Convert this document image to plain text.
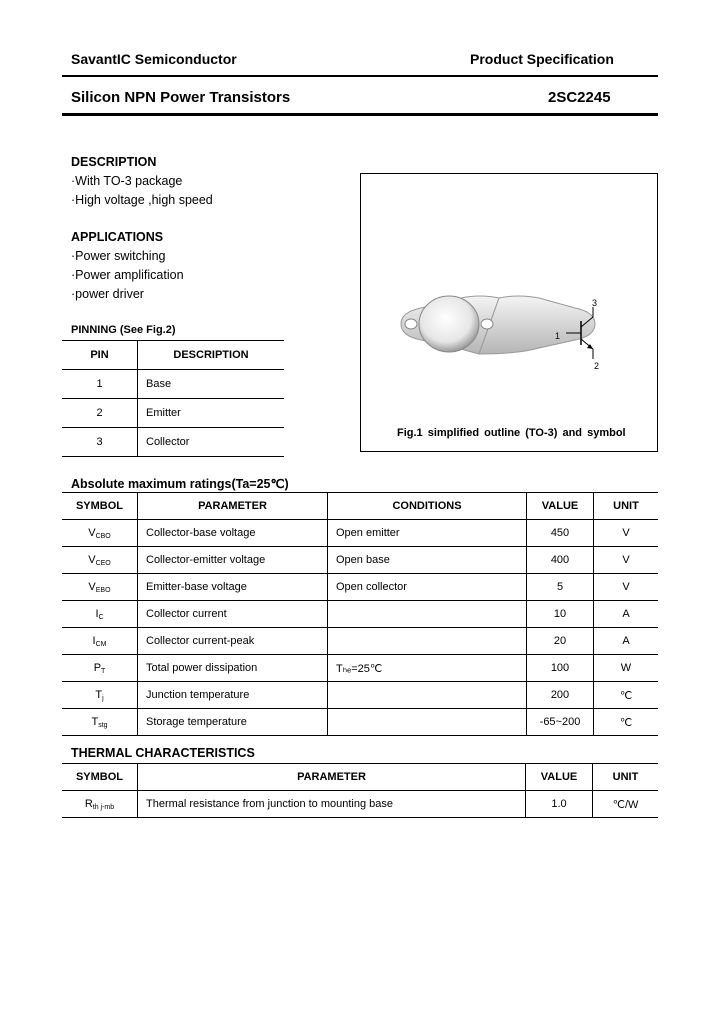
SavantIC Semiconductor	Product Specification
Silicon NPN Power Transistors	2SC2245
DESCRIPTION
·With TO-3 package
·High voltage ,high speed
APPLICATIONS
·Power switching
·Power amplification
·power driver
1
2
3
Fig.1 simplified outline (TO-3) and symbol
PINNING (See Fig.2)
PIN	DESCRIPTION
1	Base
2	Emitter
3	Collector
Absolute maximum ratings(Ta=25℃)
SYMBOL	PARAMETER	CONDITIONS	VALUE	UNIT
$V_{CBO}$	Collector-base voltage	Open emitter	450	V
$V_{CEO}$	Collector-emitter voltage	Open base	400	V
$V_{EBO}$	Emitter-base voltage	Open collector	5	V
$I_C$	Collector current		10	A
$I_{CM}$	Collector current-peak		20	A
$P_T$	Total power dissipation	Tₕₑ=25℃	100	W
$T_j$	Junction temperature		200	℃
$T_{stg}$	Storage temperature		-65~200	℃
THERMAL CHARACTERISTICS
SYMBOL	PARAMETER	VALUE	UNIT
$R_{th j-mb}$	Thermal resistance from junction to mounting base	1.0	℃/W
